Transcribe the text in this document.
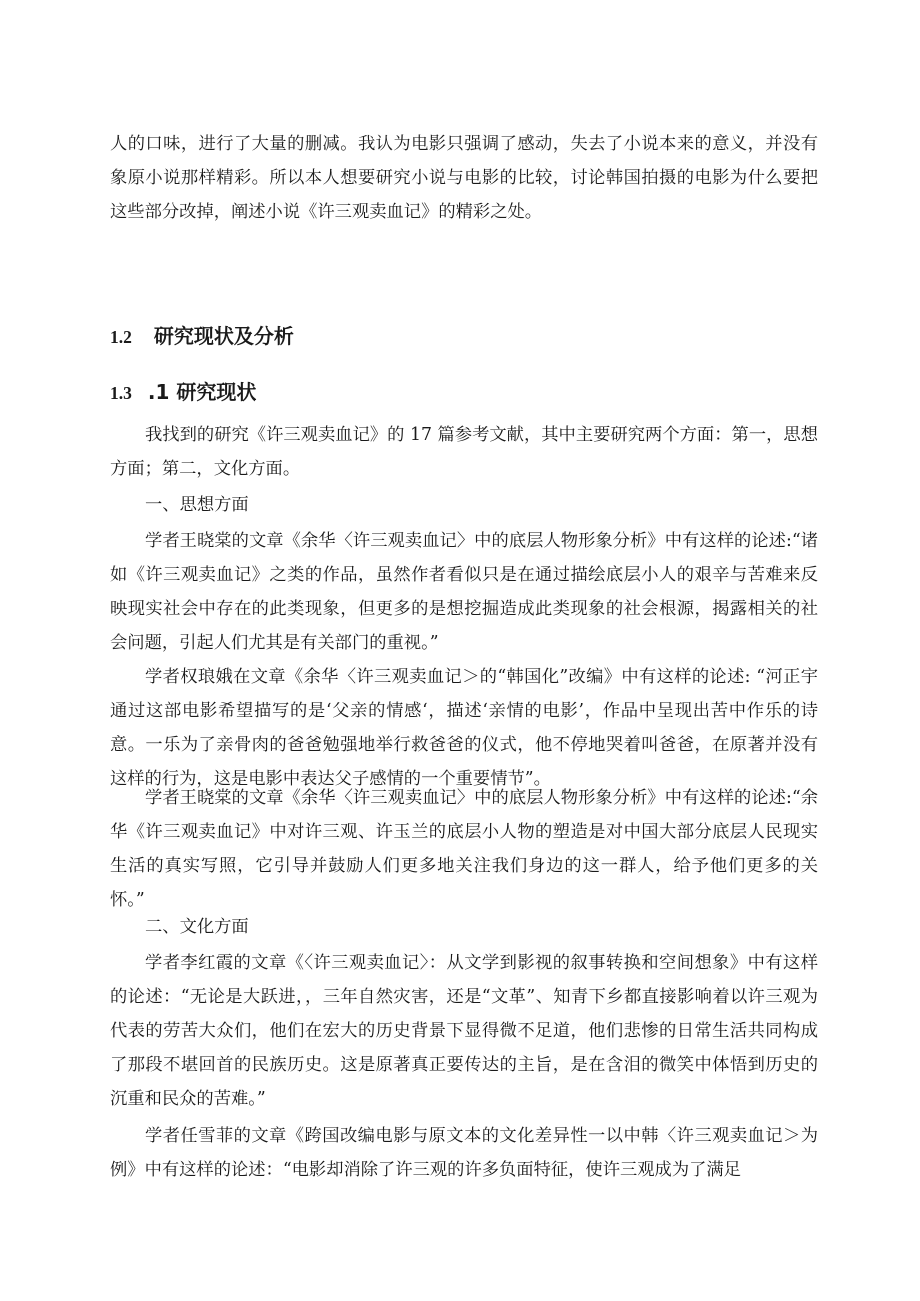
人的口味，进行了大量的删减。我认为电影只强调了感动，失去了小说本来的意义，并没有象原小说那样精彩。所以本人想要研究小说与电影的比较，讨论韩国拍摄的电影为什么要把这些部分改掉，阐述小说《许三观卖血记》的精彩之处。

1.2 研究现状及分析
1.3 .1 研究现状

我找到的研究《许三观卖血记》的 17 篇参考文献，其中主要研究两个方面：第一，思想方面；第二，文化方面。

一、思想方面

学者王晓棠的文章《余华〈许三观卖血记〉中的底层人物形象分析》中有这样的论述:“诸如《许三观卖血记》之类的作品，虽然作者看似只是在通过描绘底层小人的艰辛与苦难来反映现实社会中存在的此类现象，但更多的是想挖掘造成此类现象的社会根源，揭露相关的社会问题，引起人们尤其是有关部门的重视。”

学者权琅娥在文章《余华〈许三观卖血记＞的“韩国化”改编》中有这样的论述: “河正宇通过这部电影希望描写的是‘父亲的情感‘，描述‘亲情的电影’，作品中呈现出苦中作乐的诗意。一乐为了亲骨肉的爸爸勉强地举行救爸爸的仪式，他不停地哭着叫爸爸，在原著并没有这样的行为，这是电影中表达父子感情的一个重要情节”。

学者王晓棠的文章《余华〈许三观卖血记〉中的底层人物形象分析》中有这样的论述:“余华《许三观卖血记》中对许三观、许玉兰的底层小人物的塑造是对中国大部分底层人民现实生活的真实写照，它引导并鼓励人们更多地关注我们身边的这一群人，给予他们更多的关怀。”

二、文化方面

学者李红霞的文章《〈许三观卖血记〉：从文学到影视的叙事转换和空间想象》中有这样的论述：“无论是大跃进，，三年自然灾害，还是“文革”、知青下乡都直接影响着以许三观为代表的劳苦大众们，他们在宏大的历史背景下显得微不足道，他们悲惨的日常生活共同构成了那段不堪回首的民族历史。这是原著真正要传达的主旨，是在含泪的微笑中体悟到历史的沉重和民众的苦难。”

学者任雪菲的文章《跨国改编电影与原文本的文化差异性一以中韩〈许三观卖血记＞为例》中有这样的论述：“电影却消除了许三观的许多负面特征，使许三观成为了满足
